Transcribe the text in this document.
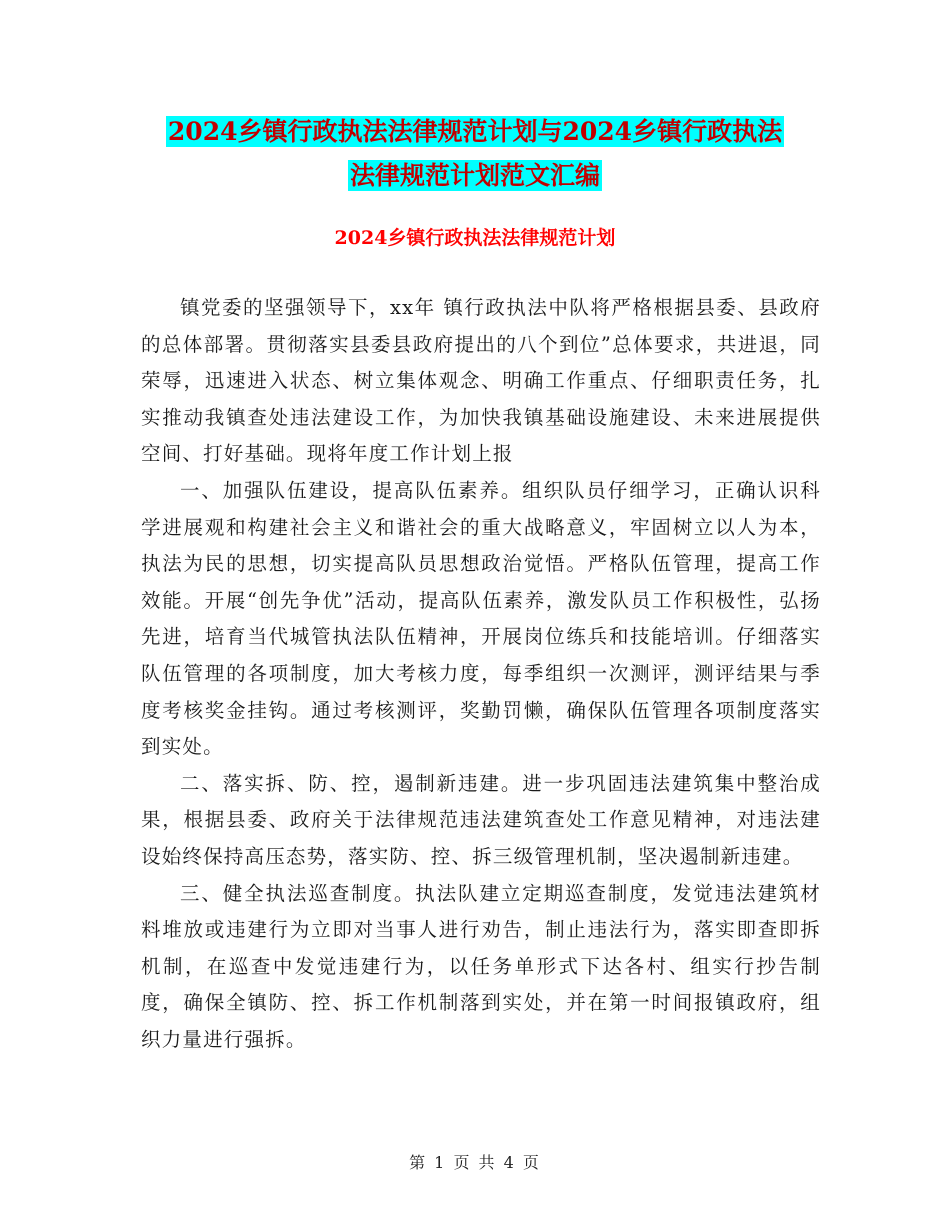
2024乡镇行政执法法律规范计划与2024乡镇行政执法
法律规范计划范文汇编
2024乡镇行政执法法律规范计划

镇党委的坚强领导下，xx年 镇行政执法中队将严格根据县委、县政府的总体部署。贯彻落实县委县政府提出的八个到位”总体要求，共进退，同荣辱，迅速进入状态、树立集体观念、明确工作重点、仔细职责任务，扎实推动我镇查处违法建设工作，为加快我镇基础设施建设、未来进展提供空间、打好基础。现将年度工作计划上报

一、加强队伍建设，提高队伍素养。组织队员仔细学习，正确认识科学进展观和构建社会主义和谐社会的重大战略意义，牢固树立以人为本，执法为民的思想，切实提高队员思想政治觉悟。严格队伍管理，提高工作效能。开展“创先争优”活动，提高队伍素养，激发队员工作积极性，弘扬先进，培育当代城管执法队伍精神，开展岗位练兵和技能培训。仔细落实队伍管理的各项制度，加大考核力度，每季组织一次测评，测评结果与季度考核奖金挂钩。通过考核测评，奖勤罚懒，确保队伍管理各项制度落实到实处。

二、落实拆、防、控，遏制新违建。进一步巩固违法建筑集中整治成果，根据县委、政府关于法律规范违法建筑查处工作意见精神，对违法建设始终保持高压态势，落实防、控、拆三级管理机制，坚决遏制新违建。

三、健全执法巡查制度。执法队建立定期巡查制度，发觉违法建筑材料堆放或违建行为立即对当事人进行劝告，制止违法行为，落实即查即拆机制，在巡查中发觉违建行为，以任务单形式下达各村、组实行抄告制度，确保全镇防、控、拆工作机制落到实处，并在第一时间报镇政府，组织力量进行强拆。

第 1 页 共 4 页
